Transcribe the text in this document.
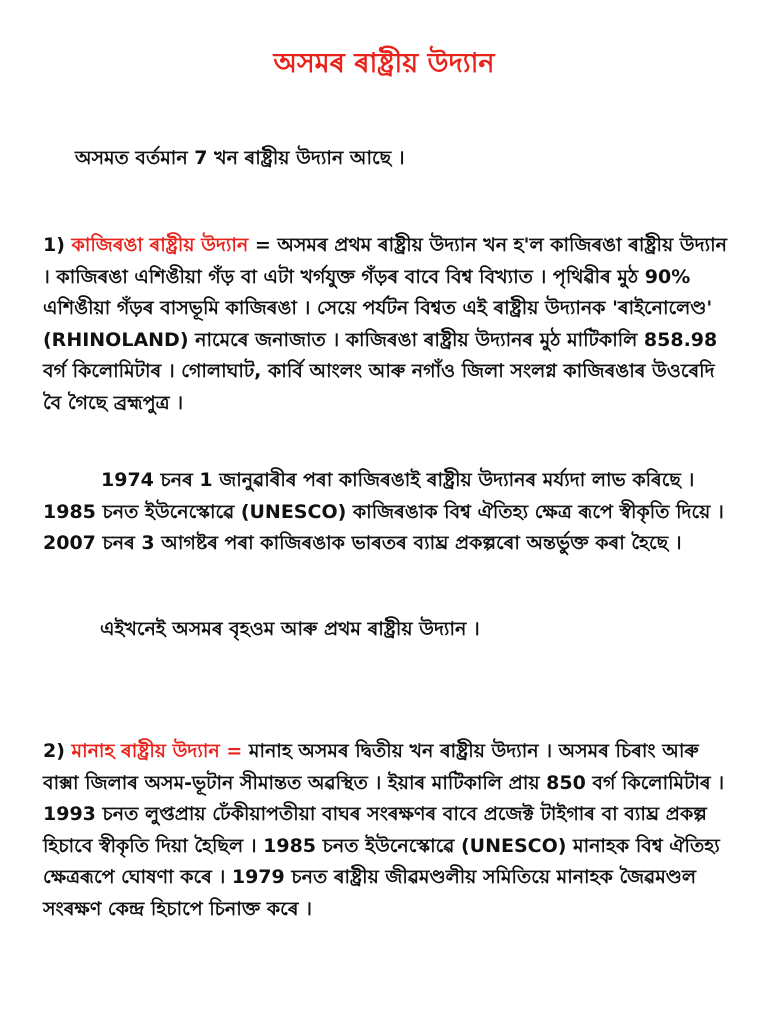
অসমৰ ৰাষ্ট্ৰীয় উদ্যান

অসমত বৰ্তমান 7 খন ৰাষ্ট্ৰীয় উদ্যান আছে ।

1) কাজিৰঙা ৰাষ্ট্ৰীয় উদ্যান = অসমৰ প্ৰথম ৰাষ্ট্ৰীয় উদ্যান খন হ'ল কাজিৰঙা ৰাষ্ট্ৰীয় উদ্যান । কাজিৰঙা এশিঙীয়া গঁড় বা এটা খৰ্গযুক্ত গঁড়ৰ বাবে বিশ্ব বিখ্যাত । পৃথিৱীৰ মুঠ 90% এশিঙীয়া গঁড়ৰ বাসভূমি কাজিৰঙা । সেয়ে পৰ্যটন বিশ্বত এই ৰাষ্ট্ৰীয় উদ্যানক 'ৰাইনোলেণ্ড' (RHINOLAND) নামেৰে জনাজাত । কাজিৰঙা ৰাষ্ট্ৰীয় উদ্যানৰ মুঠ মাটিকালি 858.98 বৰ্গ কিলোমিটাৰ । গোলাঘাট, কাৰ্বি আংলং আৰু নগাঁও জিলা সংলগ্ন কাজিৰঙাৰ উওৰেদি বৈ গৈছে ব্ৰহ্মপুত্ৰ ।

1974 চনৰ 1 জানুৱাৰীৰ পৰা কাজিৰঙাই ৰাষ্ট্ৰীয় উদ্যানৰ মৰ্য্যদা লাভ কৰিছে । 1985 চনত ইউনেস্কোৱে (UNESCO) কাজিৰঙাক বিশ্ব ঐতিহ্য ক্ষেত্ৰ ৰূপে স্বীকৃতি দিয়ে । 2007 চনৰ 3 আগষ্টৰ পৰা কাজিৰঙাক ভাৰতৰ ব্যাঘ্ৰ প্ৰকল্পৰো অন্তৰ্ভুক্ত কৰা হৈছে ।

এইখনেই অসমৰ বৃহওম আৰু প্ৰথম ৰাষ্ট্ৰীয় উদ্যান ।

2) মানাহ ৰাষ্ট্ৰীয় উদ্যান = মানাহ অসমৰ দ্বিতীয় খন ৰাষ্ট্ৰীয় উদ্যান । অসমৰ চিৰাং আৰু বাক্সা জিলাৰ অসম-ভূটান সীমান্তত অৱস্থিত । ইয়াৰ মাটিকালি প্ৰায় 850 বৰ্গ কিলোমিটাৰ । 1993 চনত লুপ্তপ্ৰায় ঢেঁকীয়াপতীয়া বাঘৰ সংৰক্ষণৰ বাবে প্ৰজেক্ট টাইগাৰ বা ব্যাঘ্ৰ প্ৰকল্প হিচাবে স্বীকৃতি দিয়া হৈছিল । 1985 চনত ইউনেস্কোৱে (UNESCO) মানাহক বিশ্ব ঐতিহ্য ক্ষেত্ৰৰূপে ঘোষণা কৰে । 1979 চনত ৰাষ্ট্ৰীয় জীৱমণ্ডলীয় সমিতিয়ে মানাহক জৈৱমণ্ডল সংৰক্ষণ কেন্দ্ৰ হিচাপে চিনাক্ত কৰে ।
